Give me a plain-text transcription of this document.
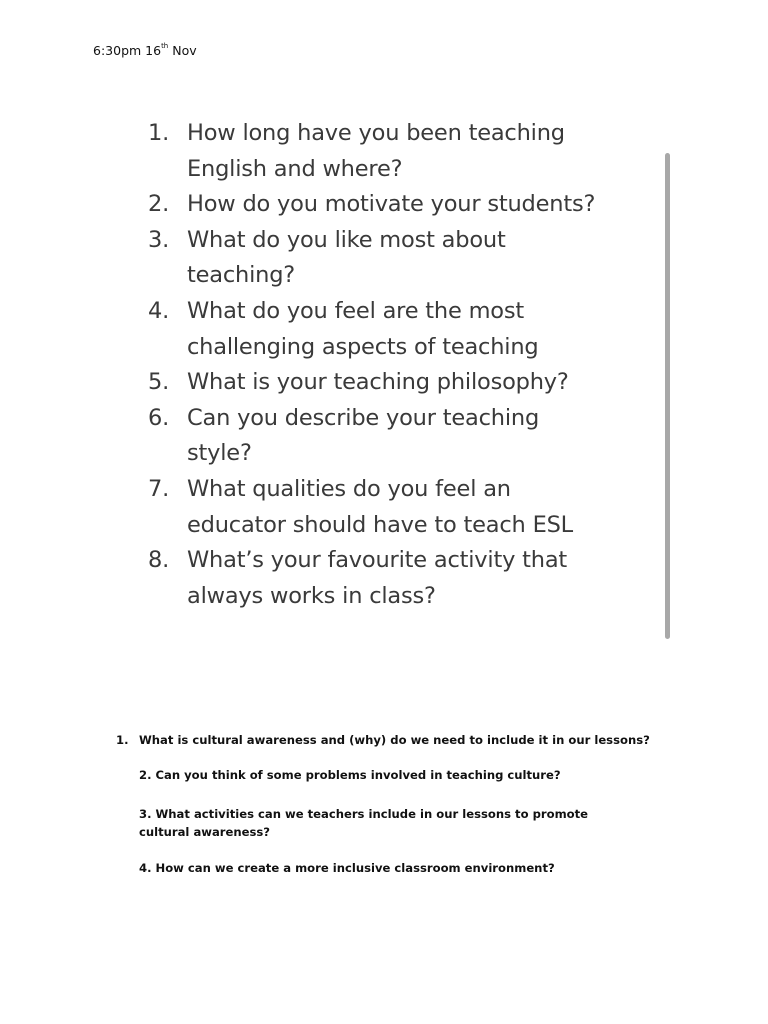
6:30pm 16th Nov
1. How long have you been teaching
English and where?
2. How do you motivate your students?
3. What do you like most about
teaching?
4. What do you feel are the most
challenging aspects of teaching
5. What is your teaching philosophy?
6. Can you describe your teaching
style?
7. What qualities do you feel an
educator should have to teach ESL
8. What’s your favourite activity that
always works in class?
1. What is cultural awareness and (why) do we need to include it in our lessons?
2. Can you think of some problems involved in teaching culture?
3. What activities can we teachers include in our lessons to promote cultural awareness?
4. How can we create a more inclusive classroom environment?
